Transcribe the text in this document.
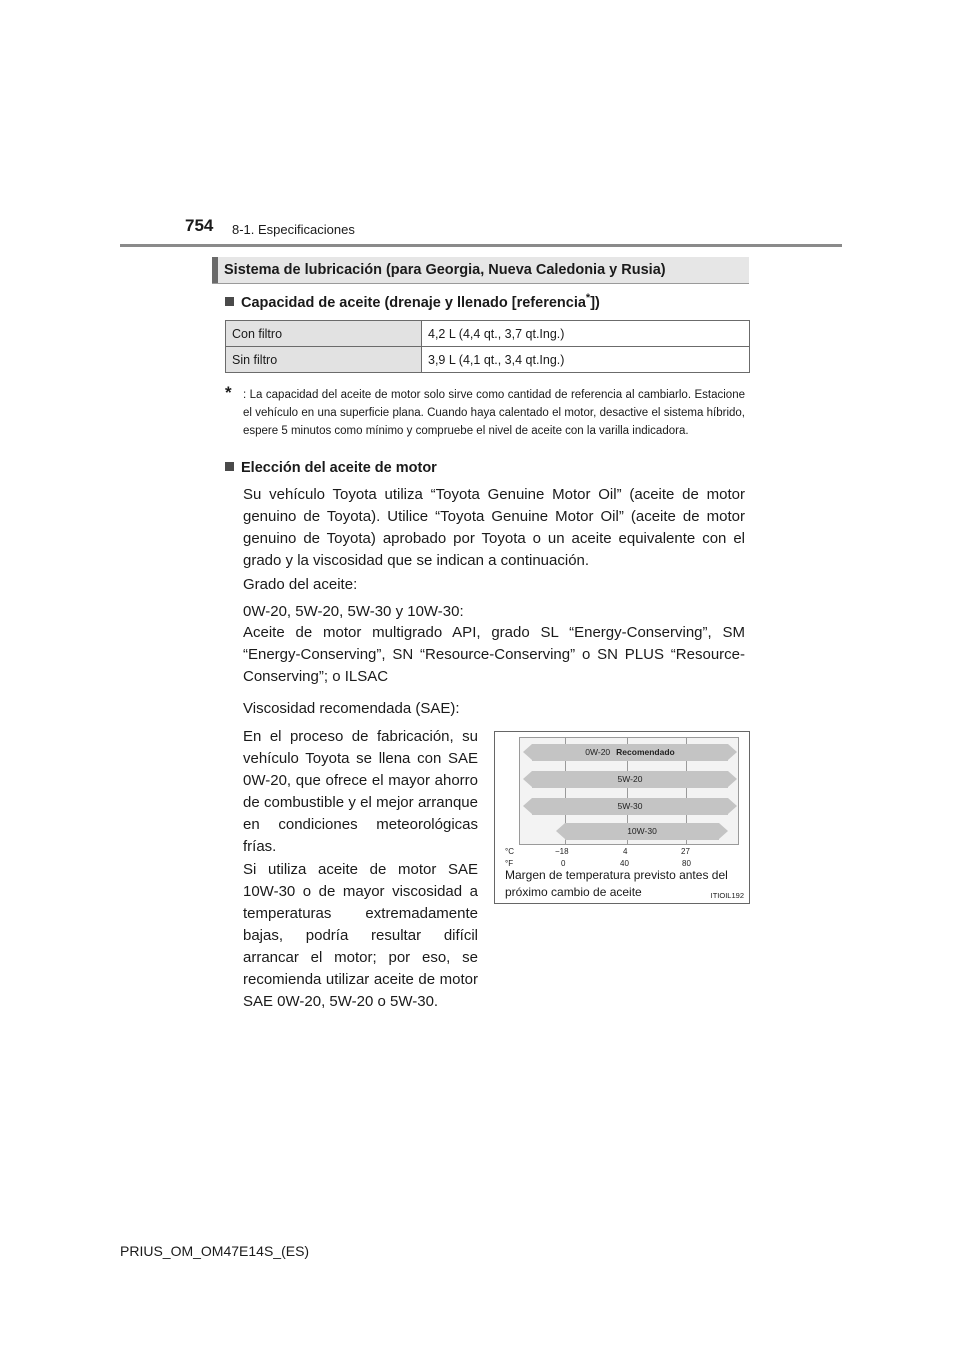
754 8-1. Especificaciones
Sistema de lubricación (para Georgia, Nueva Caledonia y Rusia)
Capacidad de aceite (drenaje y llenado [referencia*])
Con filtro	4,2 L (4,4 qt., 3,7 qt.Ing.)
Sin filtro	3,9 L (4,1 qt., 3,4 qt.Ing.)
* : La capacidad del aceite de motor solo sirve como cantidad de referencia al cambiarlo. Estacione el vehículo en una superficie plana. Cuando haya calentado el motor, desactive el sistema híbrido, espere 5 minutos como mínimo y compruebe el nivel de aceite con la varilla indicadora.
Elección del aceite de motor
Su vehículo Toyota utiliza “Toyota Genuine Motor Oil” (aceite de motor genuino de Toyota). Utilice “Toyota Genuine Motor Oil” (aceite de motor genuino de Toyota) aprobado por Toyota o un aceite equivalente con el grado y la viscosidad que se indican a continuación.
Grado del aceite:
0W-20, 5W-20, 5W-30 y 10W-30:
Aceite de motor multigrado API, grado SL “Energy-Conserving”, SM “Energy-Conserving”, SN “Resource-Conserving” o SN PLUS “Resource-Conserving”; o ILSAC
Viscosidad recomendada (SAE):
En el proceso de fabricación, su vehículo Toyota se llena con SAE 0W-20, que ofrece el mayor ahorro de combustible y el mejor arranque en condiciones meteorológicas frías.
Si utiliza aceite de motor SAE 10W-30 o de mayor viscosidad a temperaturas extremadamente bajas, podría resultar difícil arrancar el motor; por eso, se recomienda utilizar aceite de motor SAE 0W-20, 5W-20 o 5W-30.
0W-20 Recomendado
5W-20
5W-30
10W-30
°C	−18	4	27
°F	0	40	80
Margen de temperatura previsto antes del próximo cambio de aceite	ITIOIL192
PRIUS_OM_OM47E14S_(ES)
